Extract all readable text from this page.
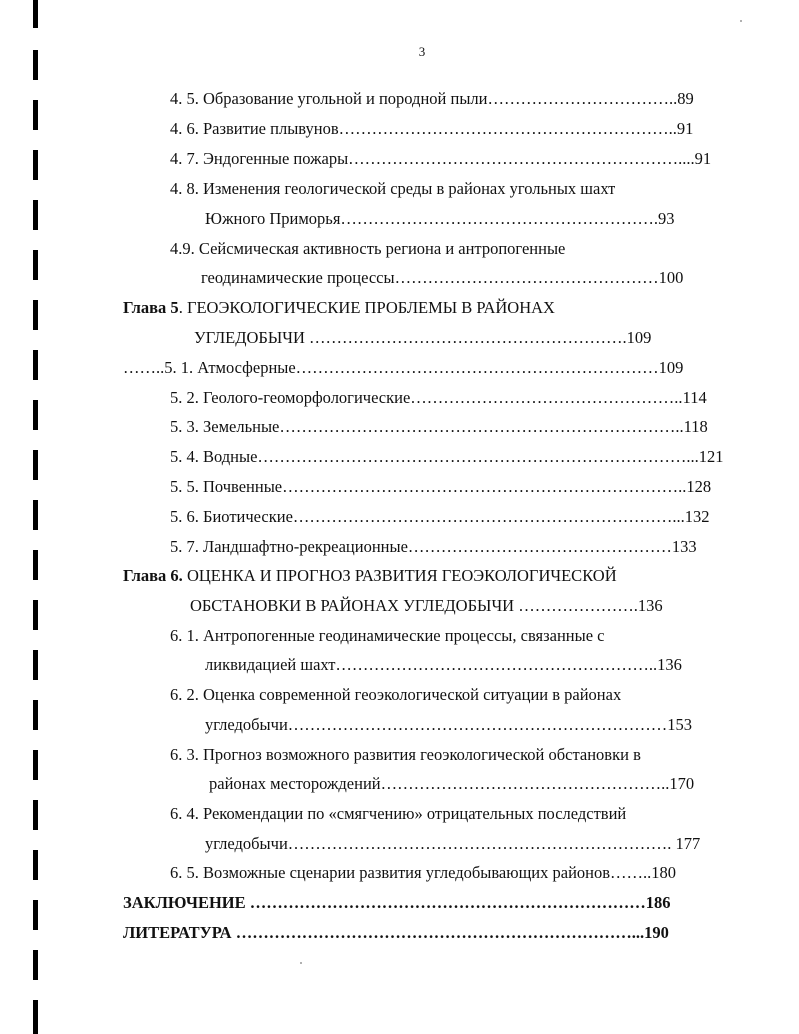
3
4. 5. Образование угольной и породной пыли……………………………..89
4. 6. Развитие плывунов……………………………………………………..91
4. 7. Эндогенные пожары……………………………………………………....91
4. 8. Изменения геологической среды в районах угольных шахт
Южного Приморья………………………………………………….93
4.9. Сейсмическая активность региона и антропогенные
геодинамические процессы…………………………………………100
Глава 5. ГЕОЭКОЛОГИЧЕСКИЕ ПРОБЛЕМЫ В РАЙОНАХ
УГЛЕДОБЫЧИ ………………………………………………….109
……..5. 1. Атмосферные…………………………………………………………109
5. 2. Геолого-геоморфологические…………………………………………..114
5. 3. Земельные………………………………………………………………..118
5. 4. Водные……………………………………………………………………...121
5. 5. Почвенные………………………………………………………………..128
5. 6. Биотические……………………………………………………………...132
5. 7. Ландшафтно-рекреационные…………………………………………133
Глава 6. ОЦЕНКА И ПРОГНОЗ РАЗВИТИЯ ГЕОЭКОЛОГИЧЕСКОЙ
ОБСТАНОВКИ В РАЙОНАХ УГЛЕДОБЫЧИ ………………….136
6. 1. Антропогенные геодинамические процессы, связанные с
ликвидацией шахт…………………………………………………..136
6. 2. Оценка современной геоэкологической ситуации в районах
угледобычи……………………………………………………………153
6. 3. Прогноз возможного развития геоэкологической обстановки в
районах месторождений……………………………………………..170
6. 4. Рекомендации по «смягчению» отрицательных последствий
угледобычи……………………………………………………………. 177
6. 5. Возможные сценарии развития угледобывающих районов……..180
ЗАКЛЮЧЕНИЕ ………………………………………………………………186
ЛИТЕРАТУРА ………………………………………………………………...190
